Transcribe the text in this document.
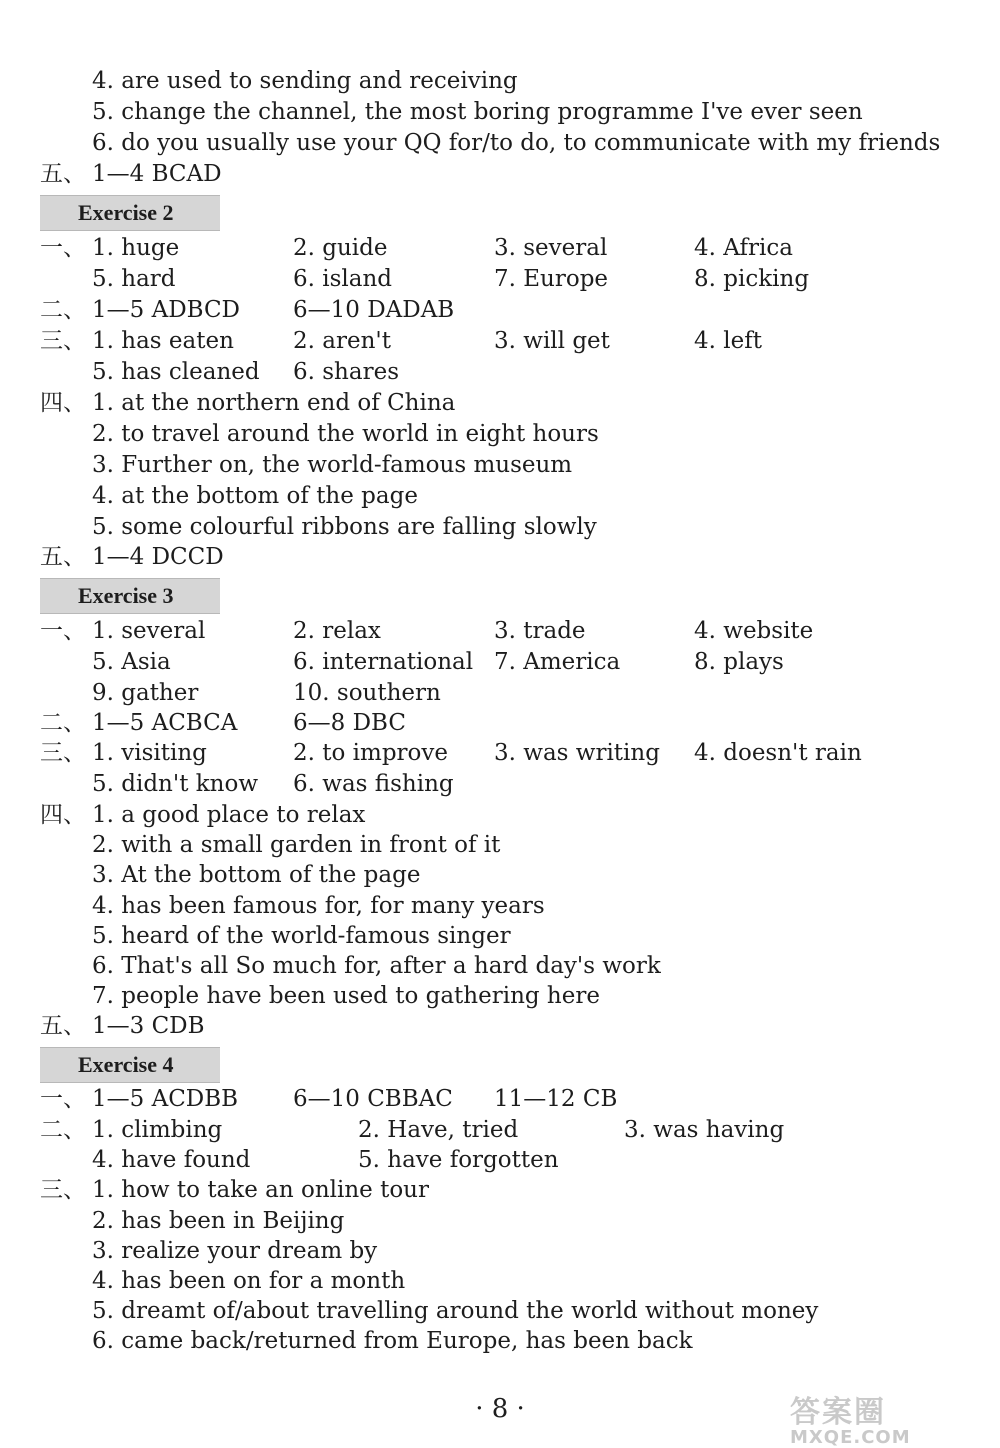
4. are used to sending and receiving
5. change the channel, the most boring programme I've ever seen
6. do you usually use your QQ for/to do, to communicate with my friends
五、 1—4 BCAD
Exercise 2
一、 1. huge	2. guide	3. several	4. Africa
5. hard	6. island	7. Europe	8. picking
二、 1—5 ADBCD 6—10 DADAB
三、 1. has eaten	2. aren't	3. will get	4. left
5. has cleaned 6. shares
四、 1. at the northern end of China
2. to travel around the world in eight hours
3. Further on, the world-famous museum
4. at the bottom of the page
5. some colourful ribbons are falling slowly
五、 1—4 DCCD
Exercise 3
一、 1. several	2. relax	3. trade	4. website
5. Asia	6. international 7. America	8. plays
9. gather	10. southern
二、 1—5 ACBCA 6—8 DBC
三、 1. visiting	2. to improve 3. was writing 4. doesn't rain
5. didn't know 6. was fishing
四、 1. a good place to relax
2. with a small garden in front of it
3. At the bottom of the page
4. has been famous for, for many years
5. heard of the world-famous singer
6. That's all So much for, after a hard day's work
7. people have been used to gathering here
五、 1—3 CDB
Exercise 4
一、 1—5 ACDBB 6—10 CBBAC 11—12 CB
二、 1. climbing	2. Have, tried	3. was having
4. have found	5. have forgotten
三、 1. how to take an online tour
2. has been in Beijing
3. realize your dream by
4. has been on for a month
5. dreamt of/about travelling around the world without money
6. came back/returned from Europe, has been back
· 8 ·	答案圈
MXQE.COM
